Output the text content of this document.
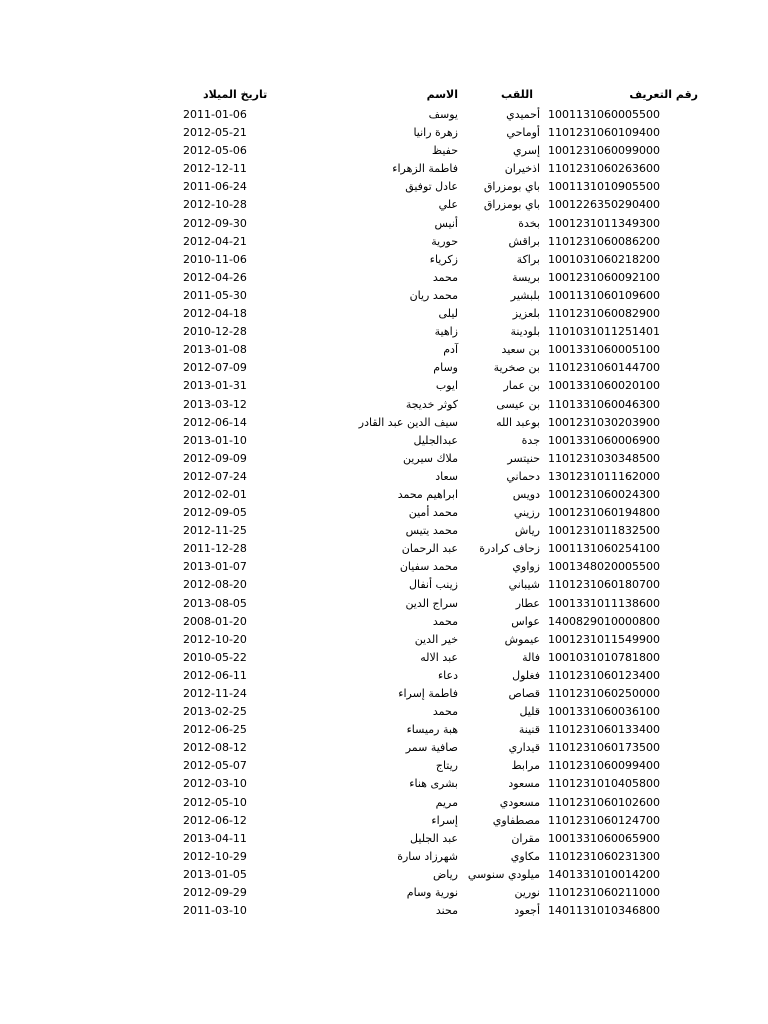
رقم التعريف
اللقب
الاسم
تاريخ الميلاد
1001131060005500
أحميدي
يوسف
2011-01-06
1101231060109400
أوماحي
زهرة رانيا
2012-05-21
1001231060099000
إسري
حفيظ
2012-05-06
1101231060263600
اذخيران
فاطمة الزهراء
2012-12-11
1001131010905500
باي بومزراق
عادل توفيق
2011-06-24
1001226350290400
باي بومزراق
علي
2012-10-28
1001231011349300
بخدة
أنيس
2012-09-30
1101231060086200
براقش
حورية
2012-04-21
1001031060218200
براكة
زكرياء
2010-11-06
1001231060092100
بريسة
محمد
2012-04-26
1001131060109600
بلبشير
محمد ريان
2011-05-30
1101231060082900
بلعزيز
ليلى
2012-04-18
1101031011251401
بلودينة
زاهية
2010-12-28
1001331060005100
بن سعيد
آدم
2013-01-08
1101231060144700
بن صخرية
وسام
2012-07-09
1001331060020100
بن عمار
ايوب
2013-01-31
1101331060046300
بن عيسى
كوثر خديجة
2013-03-12
1001231030203900
بوعبد الله
سيف الدين عبد القادر
2012-06-14
1001331060006900
جدة
عبدالجليل
2013-01-10
1101231030348500
حنيتسر
ملاك سيرين
2012-09-09
1301231011162000
دحماني
سعاد
2012-07-24
1001231060024300
دويس
ابراهيم محمد
2012-02-01
1001231060194800
رزيني
محمد أمين
2012-09-05
1001231011832500
رياش
محمد يتيس
2012-11-25
1001131060254100
زحاف كرادرة
عبد الرحمان
2011-12-28
1001348020005500
زواوي
محمد سفيان
2013-01-07
1101231060180700
شيباني
زينب أنفال
2012-08-20
1001331011138600
عطار
سراج الدين
2013-08-05
1400829010000800
عواس
محمد
2008-01-20
1001231011549900
عيموش
خير الدين
2012-10-20
1001031010781800
فالة
عبد الاله
2010-05-22
1101231060123400
فغلول
دعاء
2012-06-11
1101231060250000
قصاص
فاطمة إسراء
2012-11-24
1001331060036100
قليل
محمد
2013-02-25
1101231060133400
قنينة
هبة رميساء
2012-06-25
1101231060173500
قيداري
صافية سمر
2012-08-12
1101231060099400
مرابط
ريتاج
2012-05-07
1101231010405800
مسعود
بشرى هناء
2012-03-10
1101231060102600
مسعودي
مريم
2012-05-10
1101231060124700
مصطفاوي
إسراء
2012-06-12
1001331060065900
مقران
عبد الجليل
2013-04-11
1101231060231300
مكاوي
شهرزاد سارة
2012-10-29
1401331010014200
ميلودي سنوسي
رياض
2013-01-05
1101231060211000
نورين
نورية وسام
2012-09-29
1401131010346800
أجعود
محند
2011-03-10
